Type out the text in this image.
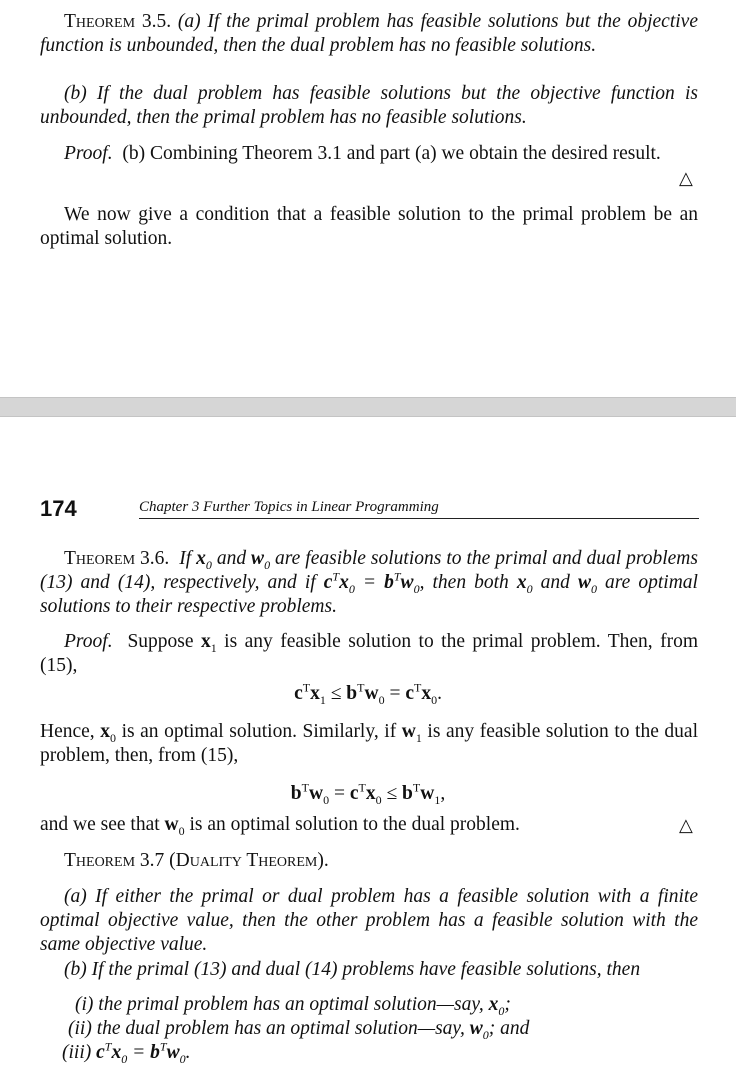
Theorem 3.5. (a) If the primal problem has feasible solutions but the objective function is unbounded, then the dual problem has no feasible solutions.
(b) If the dual problem has feasible solutions but the objective function is unbounded, then the primal problem has no feasible solutions.
Proof. (b) Combining Theorem 3.1 and part (a) we obtain the desired result.
△
We now give a condition that a feasible solution to the primal problem be an optimal solution.
174	Chapter 3 Further Topics in Linear Programming
Theorem 3.6. If $x_0$ and $w_0$ are feasible solutions to the primal and dual problems (13) and (14), respectively, and if $c^Tx_0 = b^Tw_0$, then both $x_0$ and $w_0$ are optimal solutions to their respective problems.
Proof.  Suppose $x_1$ is any feasible solution to the primal problem. Then, from (15),
$c^Tx_1 \le b^Tw_0 = c^Tx_0$.
Hence, $x_0$ is an optimal solution. Similarly, if $w_1$ is any feasible solution to the dual problem, then, from (15),
$b^Tw_0 = c^Tx_0 \le b^Tw_1$,
and we see that $w_0$ is an optimal solution to the dual problem.	△
Theorem 3.7 (Duality Theorem).
(a) If either the primal or dual problem has a feasible solution with a finite optimal objective value, then the other problem has a feasible solution with the same objective value.
(b) If the primal (13) and dual (14) problems have feasible solutions, then
(i) the primal problem has an optimal solution—say, $x_0$;
(ii) the dual problem has an optimal solution—say, $w_0$; and
(iii) $c^Tx_0 = b^Tw_0$.
